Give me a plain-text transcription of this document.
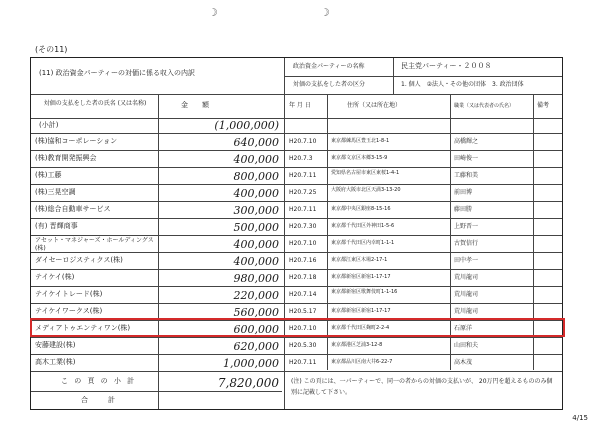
☽	☽
(その11)
(11) 政治資金パーティーの対価に係る収入の内訳
政治資金パーティーの名称	民主党パーティー・２００８
対価の支払をした者の区分	1. 個人　②法人・その他の団体　3. 政治団体
対価の支払をした者の氏名 (又は名称)	金　　額	年 月 日	住所（又は所在地）	職業（又は代表者の氏名）	備考
(小計)	(1,000,000)
(株)協和コーポレーション	640,000 H20.7.10	東京都練馬区豊玉北1-8-1	高橋輝之
(株)教育開発振興会	400,000 H20.7.3	東京都文京区本郷3-15-9	田崎俊一
(株)工藤	800,000 H20.7.11	愛知県名古屋市東区東桜1-4-1	工藤和美
(株)三晃空調	400,000 H20.7.25	大阪府大阪市北区天満3-13-20	前田博
(株)総合自動車サービス	300,000 H20.7.11	東京都中央区銀座8-15-16	藤田勝
(有) 晋輝商事	500,000 H20.7.30	東京都千代田区外神田1-5-6	上野晋一
アセット・マネジャーズ・ホールディングス(株)	400,000 H20.7.10	東京都千代田区内幸町1-1-1	古賀信行
ダイセーロジスティクス(株)	400,000 H20.7.16	東京都江東区木場2-17-1	田中孝一
テイケイ(株)	980,000 H20.7.18	東京都新宿区新宿1-17-17	荒川龍司
テイケイトレード(株)	220,000 H20.7.14	東京都新宿区歌舞伎町1-1-16	荒川龍司
テイケイワークス(株)	560,000 H20.5.17	東京都新宿区新宿1-17-17	荒川龍司
メディアトゥエンティワン(株)	600,000 H20.7.10	東京都千代田区麹町2-2-4	石原洋
安藤建設(株)	620,000 H20.5.30	東京都港区芝浦3-12-8	山田和夫
高木工業(株)	1,000,000 H20.7.11	東京都品川区南大井6-22-7	高木茂
こ の 頁 の 小 計	7,820,000
合　　計
(注) この頁には、一パーティーで、同一の者からの対価の支払いが、 20万円を超えるもののみ個別に記載して下さい。
4/15
